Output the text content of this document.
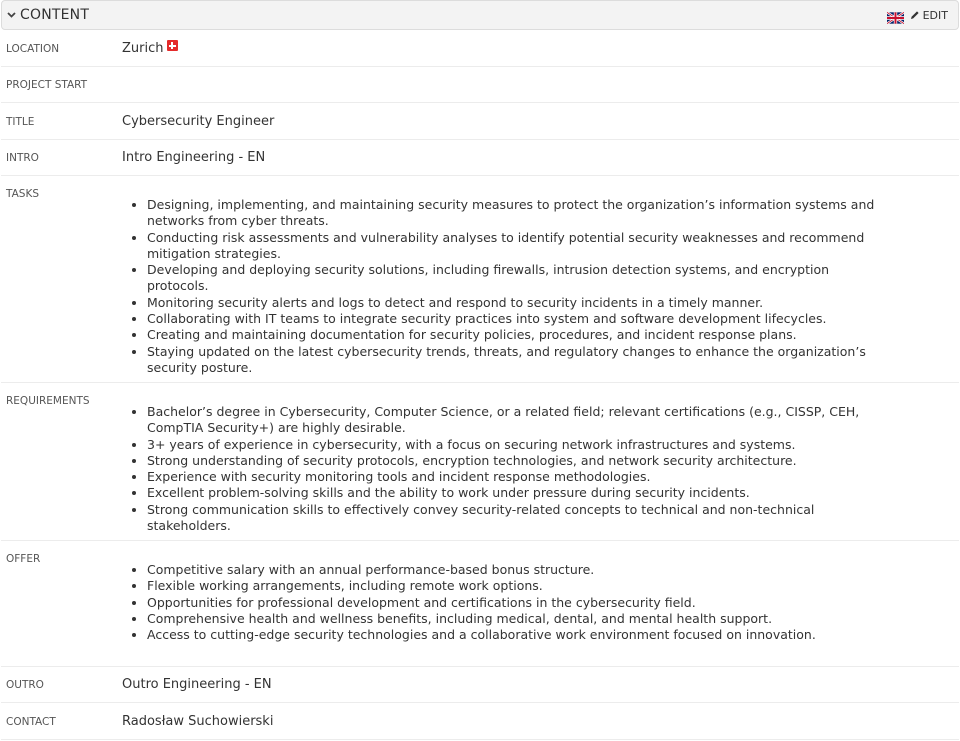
CONTENT	EDIT
LOCATION	Zurich
PROJECT START
TITLE	Cybersecurity Engineer
INTRO	Intro Engineering - EN
TASKS
• Designing, implementing, and maintaining security measures to protect the organization’s information systems and networks from cyber threats.
• Conducting risk assessments and vulnerability analyses to identify potential security weaknesses and recommend mitigation strategies.
• Developing and deploying security solutions, including firewalls, intrusion detection systems, and encryption protocols.
• Monitoring security alerts and logs to detect and respond to security incidents in a timely manner.
• Collaborating with IT teams to integrate security practices into system and software development lifecycles.
• Creating and maintaining documentation for security policies, procedures, and incident response plans.
• Staying updated on the latest cybersecurity trends, threats, and regulatory changes to enhance the organization’s security posture.
REQUIREMENTS
• Bachelor’s degree in Cybersecurity, Computer Science, or a related field; relevant certifications (e.g., CISSP, CEH, CompTIA Security+) are highly desirable.
• 3+ years of experience in cybersecurity, with a focus on securing network infrastructures and systems.
• Strong understanding of security protocols, encryption technologies, and network security architecture.
• Experience with security monitoring tools and incident response methodologies.
• Excellent problem-solving skills and the ability to work under pressure during security incidents.
• Strong communication skills to effectively convey security-related concepts to technical and non-technical stakeholders.
OFFER
• Competitive salary with an annual performance-based bonus structure.
• Flexible working arrangements, including remote work options.
• Opportunities for professional development and certifications in the cybersecurity field.
• Comprehensive health and wellness benefits, including medical, dental, and mental health support.
• Access to cutting-edge security technologies and a collaborative work environment focused on innovation.
OUTRO	Outro Engineering - EN
CONTACT	Radosław Suchowierski
